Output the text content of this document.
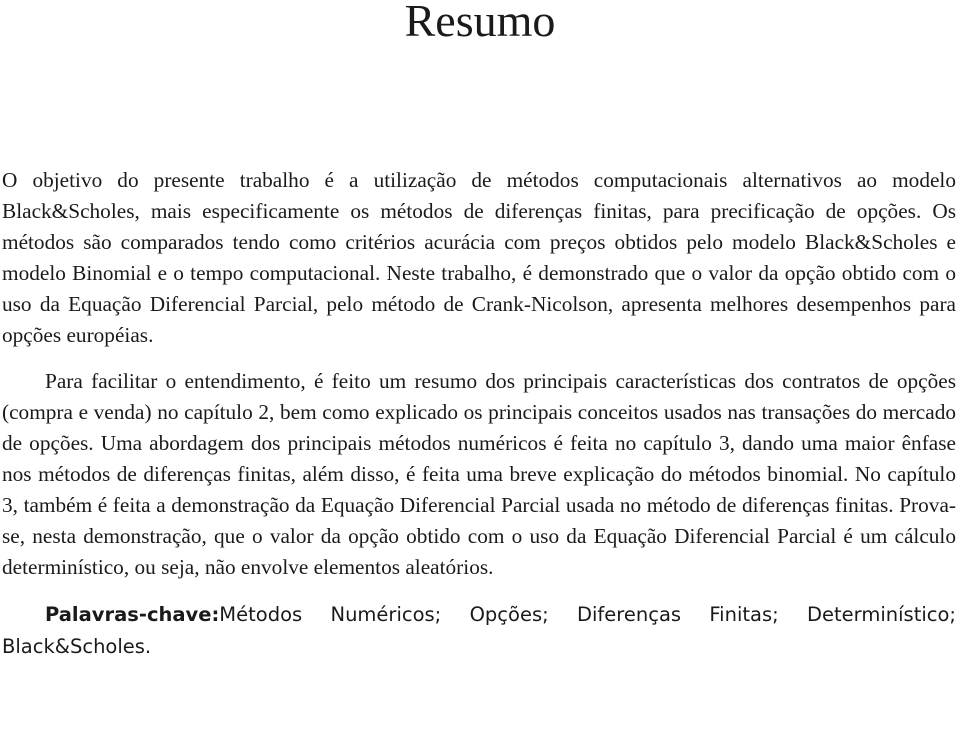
Resumo

O objetivo do presente trabalho é a utilização de métodos computacionais alternativos ao modelo Black&Scholes, mais especificamente os métodos de diferenças finitas, para precificação de opções. Os métodos são comparados tendo como critérios acurácia com preços obtidos pelo modelo Black&Scholes e modelo Binomial e o tempo computacional. Neste trabalho, é demonstrado que o valor da opção obtido com o uso da Equação Diferencial Parcial, pelo método de Crank-Nicolson, apresenta melhores desempenhos para opções européias.

Para facilitar o entendimento, é feito um resumo dos principais características dos contratos de opções (compra e venda) no capítulo 2, bem como explicado os principais conceitos usados nas transações do mercado de opções. Uma abordagem dos principais métodos numéricos é feita no capítulo 3, dando uma maior ênfase nos métodos de diferenças finitas, além disso, é feita uma breve explicação do métodos binomial. No capítulo 3, também é feita a demonstração da Equação Diferencial Parcial usada no método de diferenças finitas. Prova-se, nesta demonstração, que o valor da opção obtido com o uso da Equação Diferencial Parcial é um cálculo determinístico, ou seja, não envolve elementos aleatórios.

Palavras-chave:Métodos Numéricos; Opções; Diferenças Finitas; Determinístico; Black&Scholes.
